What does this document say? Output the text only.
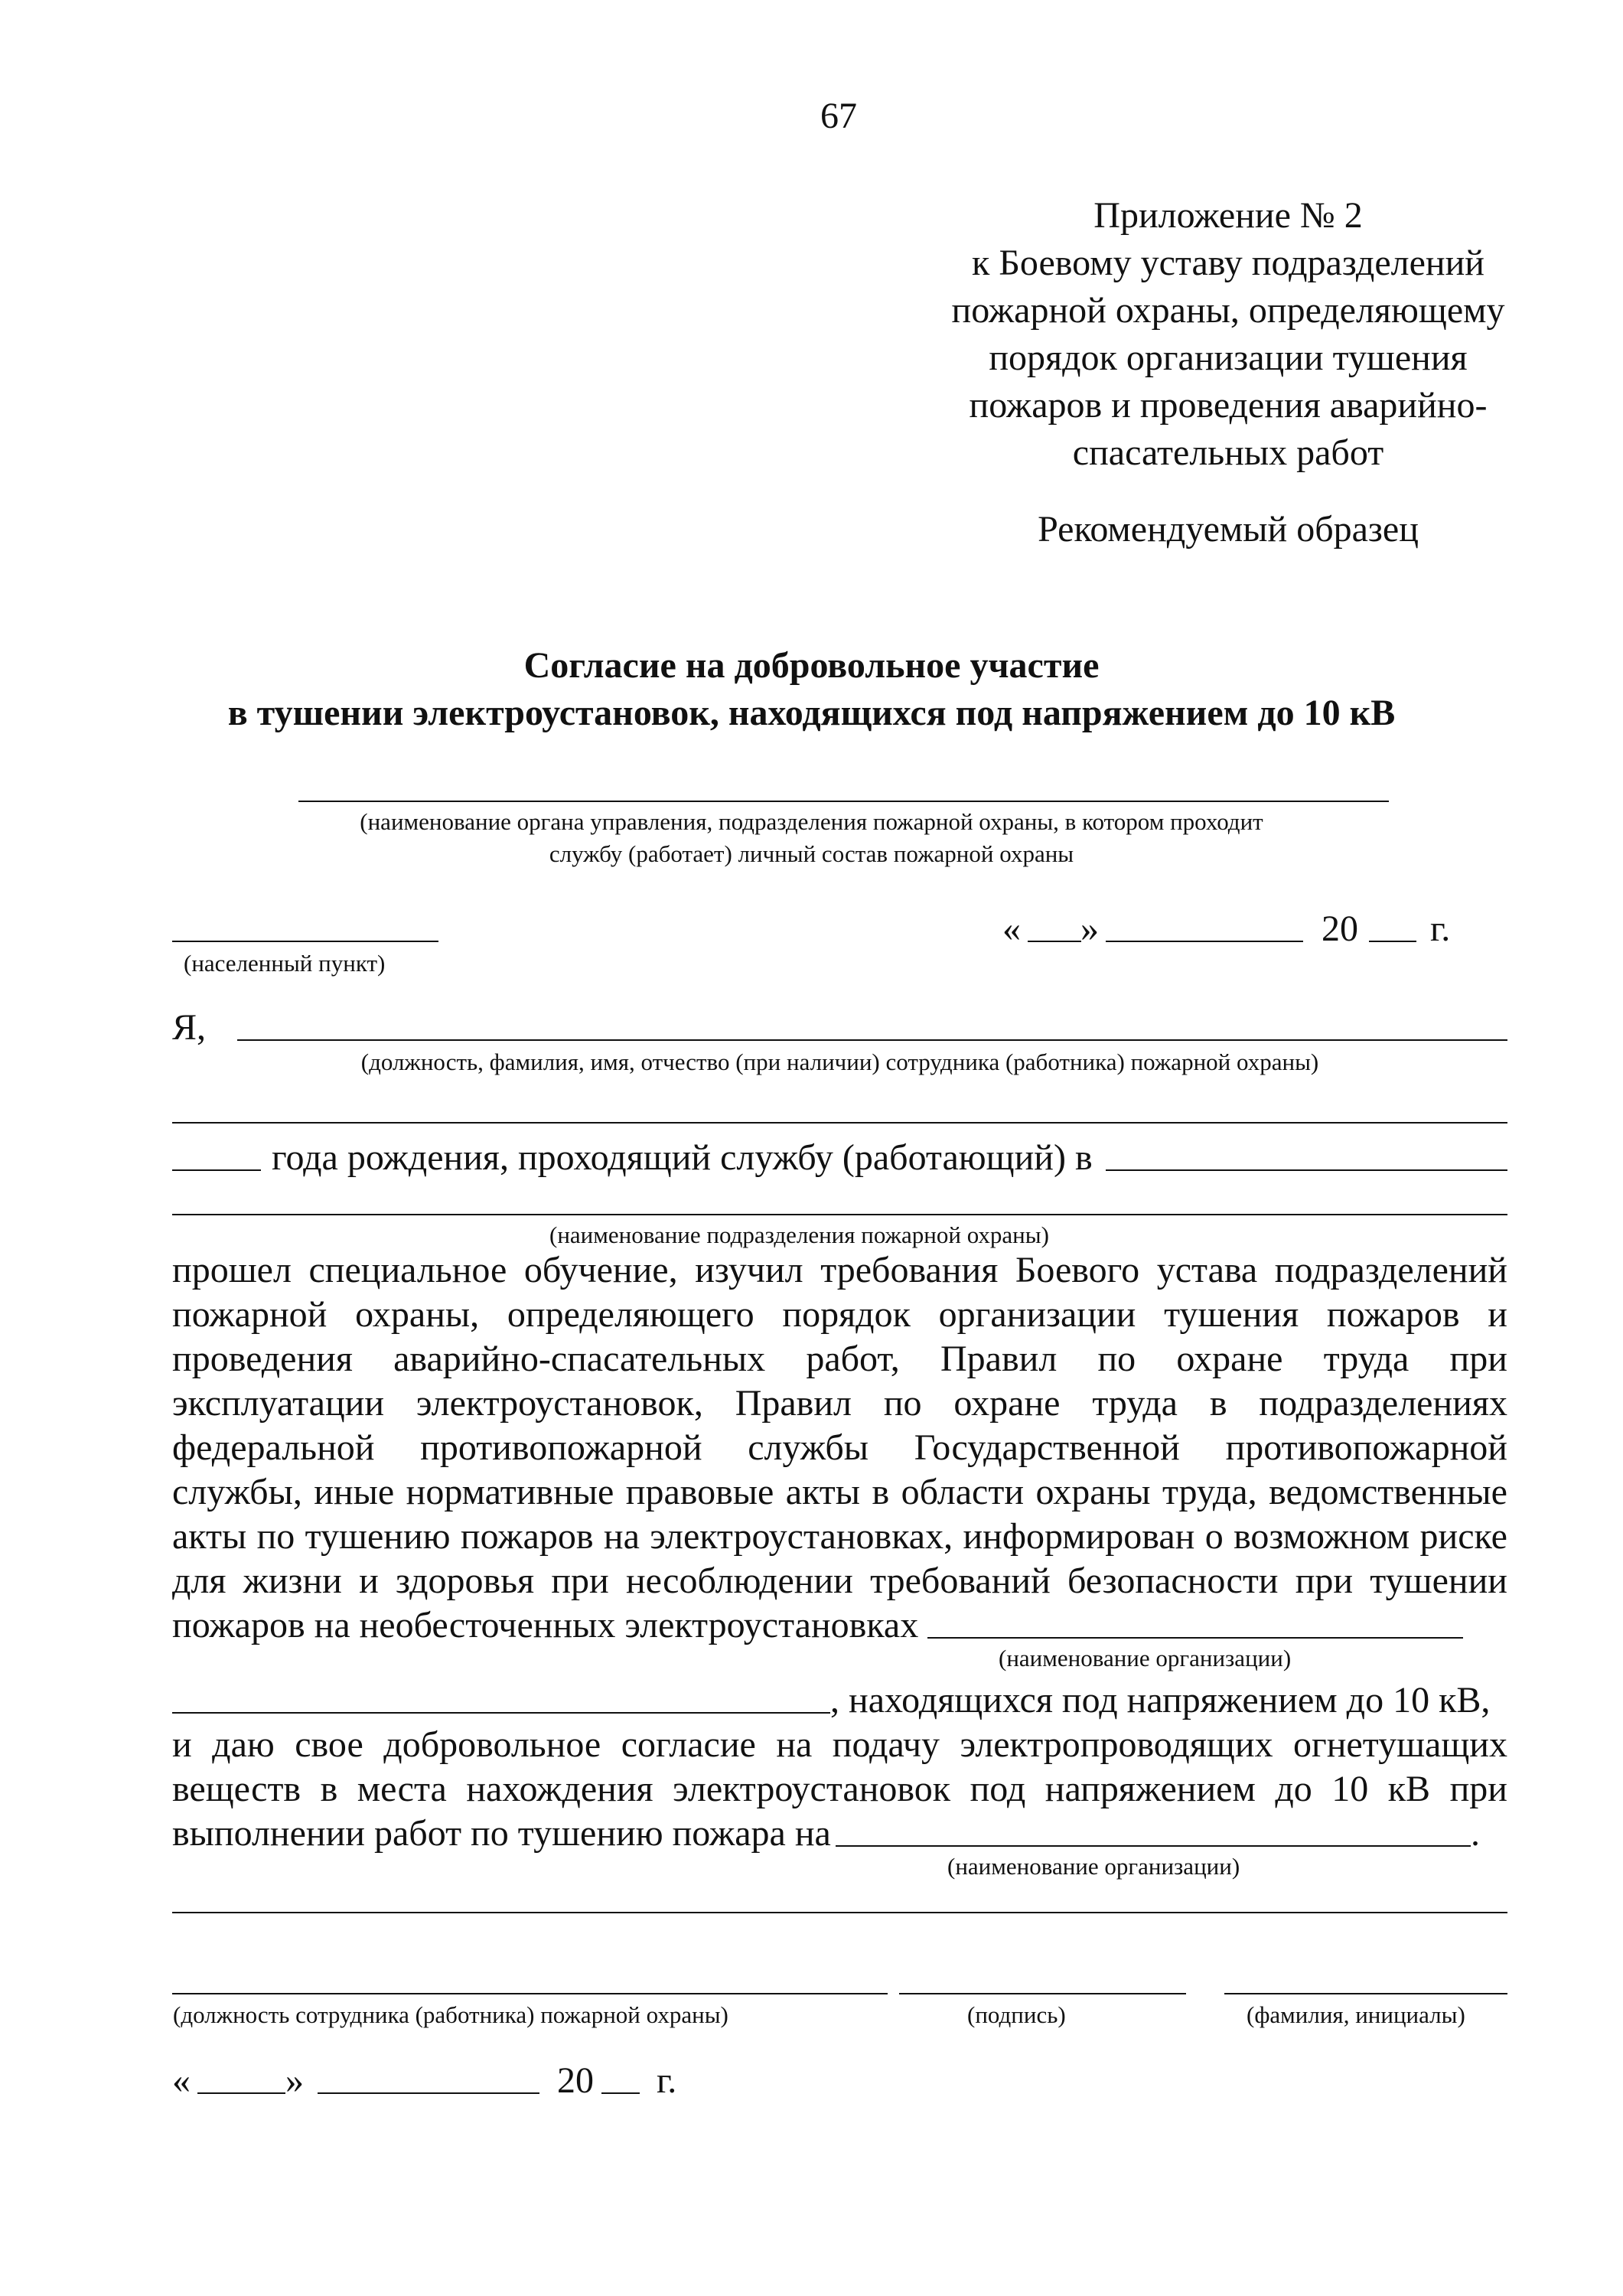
67
Приложение № 2
к Боевому уставу подразделений
пожарной охраны, определяющему
порядок организации тушения
пожаров и проведения аварийно-
спасательных работ
Рекомендуемый образец
Согласие на добровольное участие
в тушении электроустановок, находящихся под напряжением до 10 кВ
(наименование органа управления, подразделения пожарной охраны, в котором проходит
службу (работает) личный состав пожарной охраны
(населенный пункт)
« »	20 г.
Я,
(должность, фамилия, имя, отчество (при наличии) сотрудника (работника) пожарной охраны)
года рождения, проходящий службу (работающий) в
(наименование подразделения пожарной охраны)
прошел специальное обучение, изучил требования Боевого устава подразделений
пожарной охраны, определяющего порядок организации тушения пожаров и
проведения аварийно-спасательных работ, Правил по охране труда при
эксплуатации электроустановок, Правил по охране труда в подразделениях
федеральной противопожарной службы Государственной противопожарной
службы, иные нормативные правовые акты в области охраны труда, ведомственные
акты по тушению пожаров на электроустановках, информирован о возможном риске
для жизни и здоровья при несоблюдении требований безопасности при тушении
пожаров на необесточенных электроустановках
(наименование организации)
, находящихся под напряжением до 10 кВ,
и даю свое добровольное согласие на подачу электропроводящих огнетушащих
веществ в места нахождения электроустановок под напряжением до 10 кВ при
выполнении работ по тушению пожара на	.
(наименование организации)
(должность сотрудника (работника) пожарной охраны)	(подпись)	(фамилия, инициалы)
«	»	20 г.
